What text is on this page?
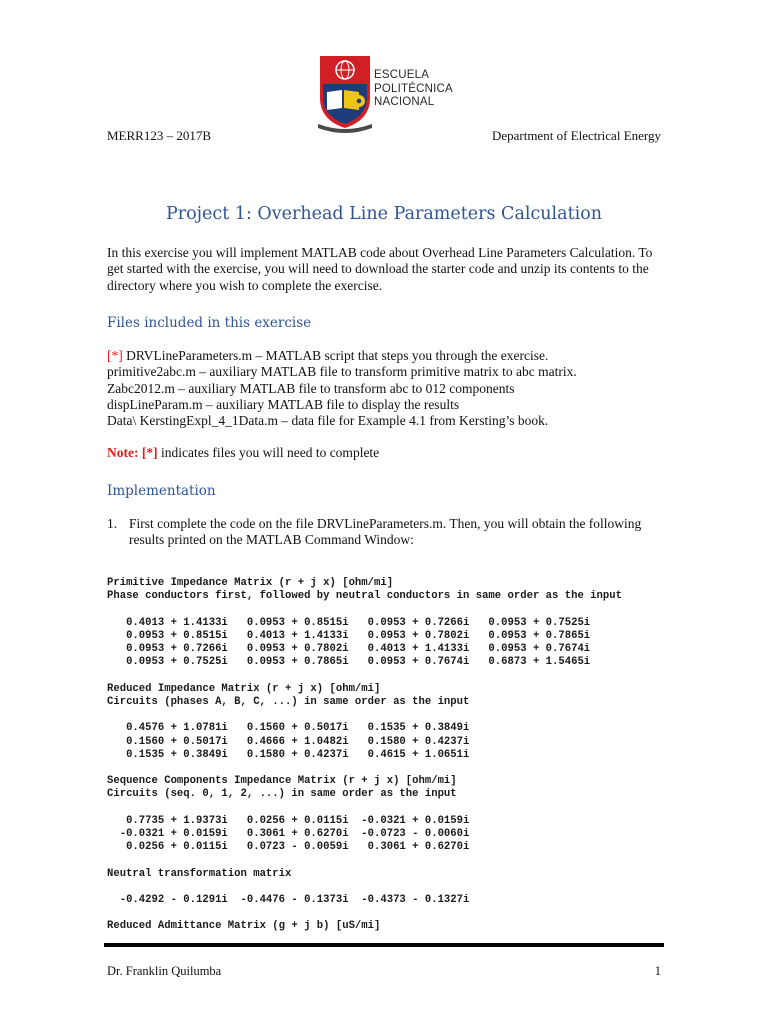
ESCUELA
POLITÉCNICA
NACIONAL
MERR123 – 2017B	Department of Electrical Energy
Project 1: Overhead Line Parameters Calculation
In this exercise you will implement MATLAB code about Overhead Line Parameters Calculation. To
get started with the exercise, you will need to download the starter code and unzip its contents to the
directory where you wish to complete the exercise.
Files included in this exercise
[*] DRVLineParameters.m – MATLAB script that steps you through the exercise.
primitive2abc.m – auxiliary MATLAB file to transform primitive matrix to abc matrix.
Zabc2012.m – auxiliary MATLAB file to transform abc to 012 components
dispLineParam.m – auxiliary MATLAB file to display the results
Data\ KerstingExpl_4_1Data.m – data file for Example 4.1 from Kersting’s book.
Note: [*] indicates files you will need to complete
Implementation
1. First complete the code on the file DRVLineParameters.m. Then, you will obtain the following
results printed on the MATLAB Command Window:

Primitive Impedance Matrix (r + j x) [ohm/mi]
Phase conductors first, followed by neutral conductors in same order as the input
0.4013 + 1.4133i   0.0953 + 0.8515i   0.0953 + 0.7266i   0.0953 + 0.7525i
0.0953 + 0.8515i   0.4013 + 1.4133i   0.0953 + 0.7802i   0.0953 + 0.7865i
0.0953 + 0.7266i   0.0953 + 0.7802i   0.4013 + 1.4133i   0.0953 + 0.7674i
0.0953 + 0.7525i   0.0953 + 0.7865i   0.0953 + 0.7674i   0.6873 + 1.5465i
Reduced Impedance Matrix (r + j x) [ohm/mi]
Circuits (phases A, B, C, ...) in same order as the input
0.4576 + 1.0781i   0.1560 + 0.5017i   0.1535 + 0.3849i
0.1560 + 0.5017i   0.4666 + 1.0482i   0.1580 + 0.4237i
0.1535 + 0.3849i   0.1580 + 0.4237i   0.4615 + 1.0651i
Sequence Components Impedance Matrix (r + j x) [ohm/mi]
Circuits (seq. 0, 1, 2, ...) in same order as the input
0.7735 + 1.9373i   0.0256 + 0.0115i  -0.0321 + 0.0159i
-0.0321 + 0.0159i   0.3061 + 0.6270i  -0.0723 - 0.0060i
0.0256 + 0.0115i   0.0723 - 0.0059i   0.3061 + 0.6270i
Neutral transformation matrix
-0.4292 - 0.1291i  -0.4476 - 0.1373i  -0.4373 - 0.1327i
Reduced Admittance Matrix (g + j b) [uS/mi]

Dr. Franklin Quilumba	1
